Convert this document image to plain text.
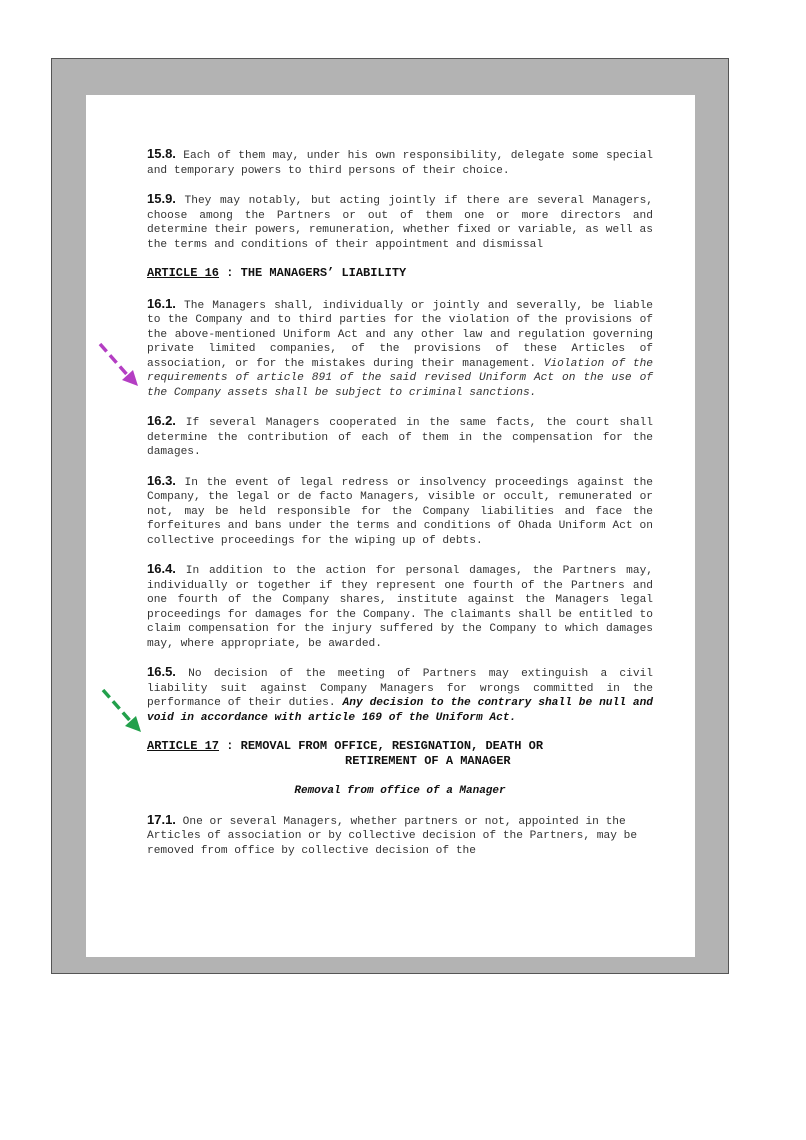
15.8. Each of them may, under his own responsibility, delegate some special and temporary powers to third persons of their choice.

15.9. They may notably, but acting jointly if there are several Managers, choose among the Partners or out of them one or more directors and determine their powers, remuneration, whether fixed or variable, as well as the terms and conditions of their appointment and dismissal

ARTICLE 16 : THE MANAGERS’ LIABILITY

16.1. The Managers shall, individually or jointly and severally, be liable to the Company and to third parties for the violation of the provisions of the above-mentioned Uniform Act and any other law and regulation governing private limited companies, of the provisions of these Articles of association, or for the mistakes during their management. Violation of the requirements of article 891 of the said revised Uniform Act on the use of the Company assets shall be subject to criminal sanctions.

16.2. If several Managers cooperated in the same facts, the court shall determine the contribution of each of them in the compensation for the damages.

16.3. In the event of legal redress or insolvency proceedings against the Company, the legal or de facto Managers, visible or occult, remunerated or not, may be held responsible for the Company liabilities and face the forfeitures and bans under the terms and conditions of Ohada Uniform Act on collective proceedings for the wiping up of debts.

16.4. In addition to the action for personal damages, the Partners may, individually or together if they represent one fourth of the Partners and one fourth of the Company shares, institute against the Managers legal proceedings for damages for the Company. The claimants shall be entitled to claim compensation for the injury suffered by the Company to which damages may, where appropriate, be awarded.

16.5. No decision of the meeting of Partners may extinguish a civil liability suit against Company Managers for wrongs committed in the performance of their duties. Any decision to the contrary shall be null and void in accordance with article 169 of the Uniform Act.

ARTICLE 17 : REMOVAL FROM OFFICE, RESIGNATION, DEATH OR
RETIREMENT OF A MANAGER
Removal from office of a Manager

17.1. One or several Managers, whether partners or not, appointed in the Articles of association or by collective decision of the Partners, may be removed from office by collective decision of the
